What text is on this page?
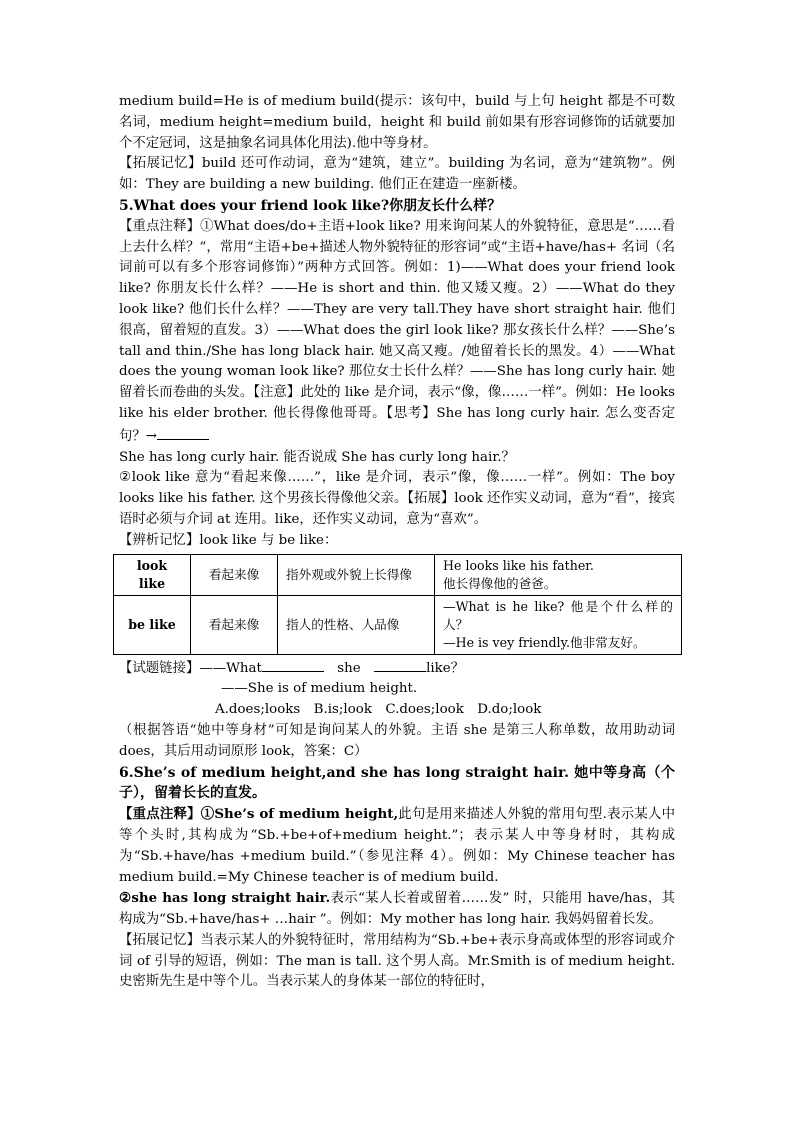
medium build=He is of medium build(提示：该句中，build 与上句 height 都是不可数名词，medium height=medium build，height 和 build 前如果有形容词修饰的话就要加个不定冠词，这是抽象名词具体化用法).他中等身材。

【拓展记忆】build 还可作动词，意为“建筑，建立”。building 为名词，意为“建筑物”。例如：They are building a new building. 他们正在建造一座新楼。

5.What does your friend look like?你朋友长什么样？

【重点注释】①What does/do+主语+look like? 用来询问某人的外貌特征，意思是“……看上去什么样？”，常用“主语+be+描述人物外貌特征的形容词”或“主语+have/has+ 名词（名词前可以有多个形容词修饰）”两种方式回答。例如：1)——What does your friend look like? 你朋友长什么样？——He is short and thin. 他又矮又瘦。2）——What do they look like? 他们长什么样？——They are very tall.They have short straight hair. 他们很高，留着短的直发。3）——What does the girl look like? 那女孩长什么样？——She’s tall and thin./She has long black hair. 她又高又瘦。/她留着长长的黑发。4）——What does the young woman look like? 那位女士长什么样？——She has long curly hair. 她留着长而卷曲的头发。【注意】此处的 like 是介词，表示“像，像……一样”。例如：He looks like his elder brother. 他长得像他哥哥。【思考】She has long curly hair. 怎么变否定句？→

She has long curly hair. 能否说成 She has curly long hair.？

②look like 意为“看起来像……”，like 是介词，表示“像，像……一样”。例如：The boy looks like his father. 这个男孩长得像他父亲。【拓展】look 还作实义动词，意为“看”，接宾语时必须与介词 at 连用。like，还作实义动词，意为“喜欢”。

【辨析记忆】look like 与 be like：

look like	看起来像	指外观或外貌上长得像	He looks like his father.
他长得像他的爸爸。
be like	看起来像	指人的性格、人品像	—What is he like? 他是个什么样的人？
—He is vey friendly.他非常友好。

【试题链接】——What　	she　	like？

——She is of medium height.

A.does;looks　B.is;look　C.does;look　D.do;look

（根据答语“她中等身材”可知是询问某人的外貌。主语 she 是第三人称单数，故用助动词 does，其后用动词原形 look，答案：C）

6.She’s of medium height,and she has long straight hair. 她中等身高（个子），留着长长的直发。

【重点注释】①She’s of medium height,此句是用来描述人外貌的常用句型.表示某人中等个头时,其构成为“Sb.+be+of+medium height.”；表示某人中等身材时，其构成为“Sb.+have/has +medium build.”（参见注释 4）。例如：My Chinese teacher has medium build.=My Chinese teacher is of medium build.

②she has long straight hair.表示“某人长着或留着……发” 时，只能用 have/has，其构成为“Sb.+have/has+ …hair ”。例如：My mother has long hair. 我妈妈留着长发。

【拓展记忆】当表示某人的外貌特征时，常用结构为“Sb.+be+表示身高或体型的形容词或介词 of 引导的短语，例如：The man is tall. 这个男人高。Mr.Smith is of medium height. 史密斯先生是中等个儿。当表示某人的身体某一部位的特征时，
